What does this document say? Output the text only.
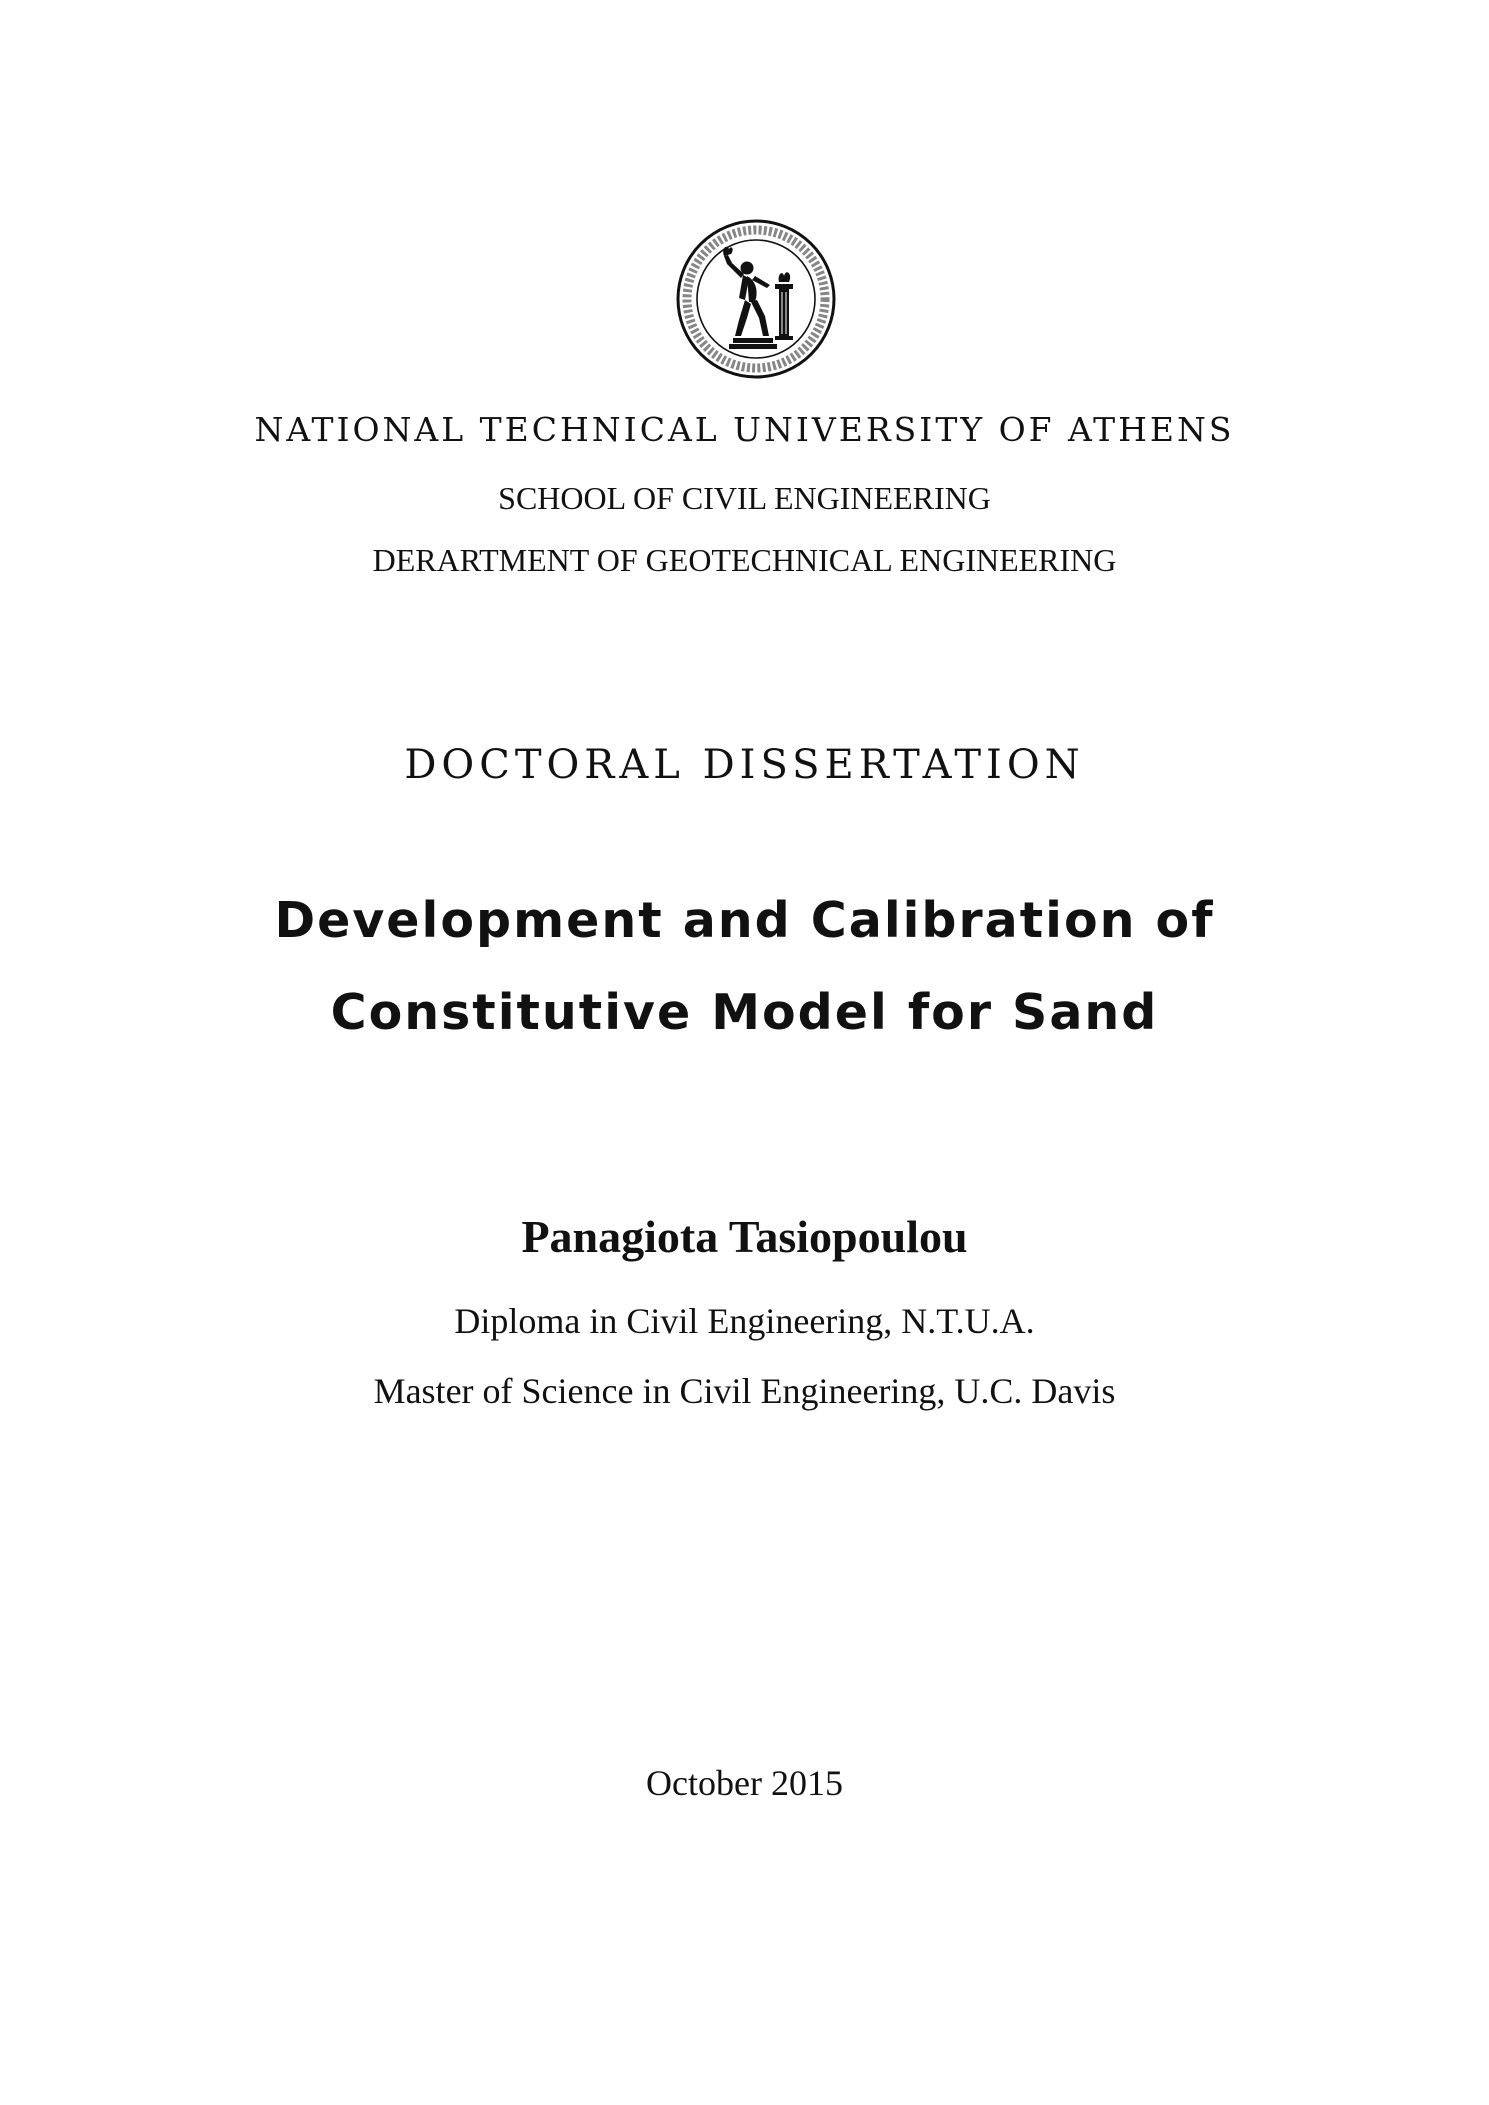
NATIONAL TECHNICAL UNIVERSITY OF ATHENS
SCHOOL OF CIVIL ENGINEERING
DERARTMENT OF GEOTECHNICAL ENGINEERING
DOCTORAL DISSERTATION
Development and Calibration of
Constitutive Model for Sand
Panagiota Tasiopoulou
Diploma in Civil Engineering, N.T.U.A.
Master of Science in Civil Engineering, U.C. Davis
October 2015
